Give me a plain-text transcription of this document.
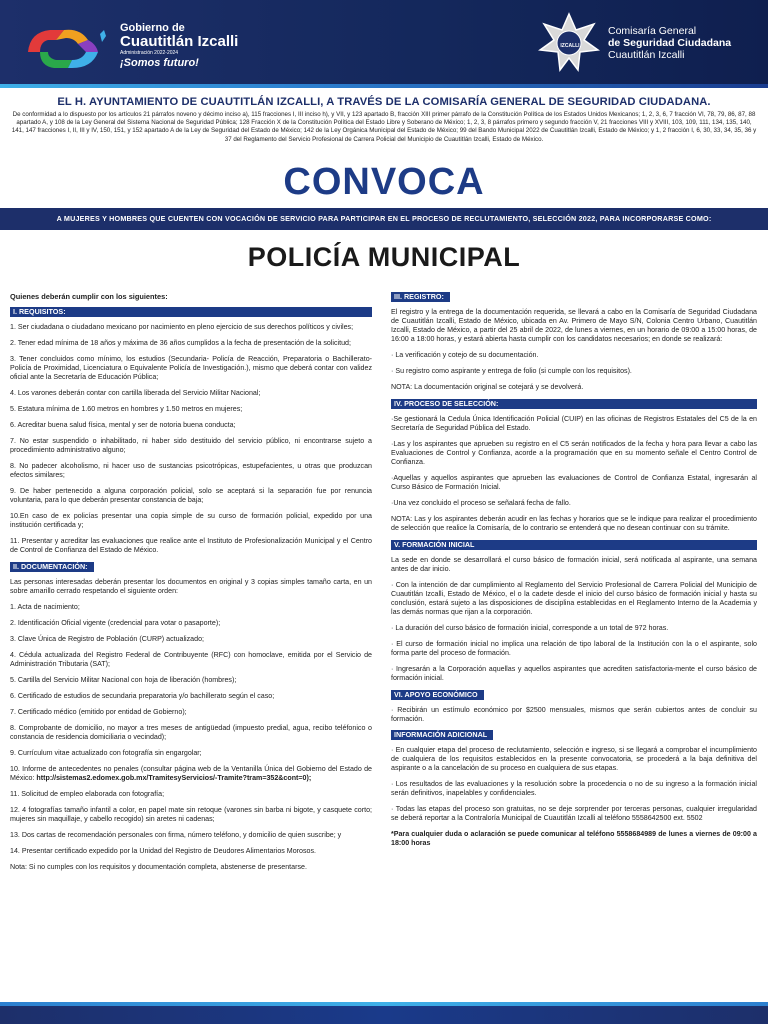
Gobierno de
Cuautitlán Izcalli
Administración 2022-2024
¡Somos futuro!
IZCALLI
Comisaría General
de Seguridad Ciudadana
Cuautitlán Izcalli
EL H. AYUNTAMIENTO DE CUAUTITLÁN IZCALLI, A TRAVÉS DE LA COMISARÍA GENERAL DE SEGURIDAD CIUDADANA.
De conformidad a lo dispuesto por los artículos 21 párrafos noveno y décimo inciso a), 115 fracciones I, III inciso h), y VII, y 123 apartado B, fracción XIII primer párrafo de la Constitución Política de los Estados Unidos Mexicanos; 1, 2, 3, 6, 7 fracción VI, 78, 79, 86, 87, 88 apartado A, y 108 de la Ley General del Sistema Nacional de Seguridad Pública; 128 Fracción X de la Constitución Política del Estado Libre y Soberano de México; 1, 2, 3, 8 párrafos primero y segundo fracción V, 21 fracciones VIII y XVIII, 103, 109, 111, 134, 135, 140, 141, 147 fracciones I, II, III y IV, 150, 151, y 152 apartado A de la Ley de Seguridad del Estado de México; 142 de la Ley Orgánica Municipal del Estado de México; 99 del Bando Municipal 2022 de Cuautitlán Izcalli, Estado de México; y 1, 2 fracción I, 6, 30, 33, 34, 35, 36 y 37 del Reglamento del Servicio Profesional de Carrera Policial del Municipio de Cuautitlán Izcalli, Estado de México.
CONVOCA
A MUJERES Y HOMBRES QUE CUENTEN CON VOCACIÓN DE SERVICIO PARA PARTICIPAR EN EL PROCESO DE RECLUTAMIENTO, SELECCIÓN 2022, PARA INCORPORARSE COMO:
POLICÍA MUNICIPAL
Quienes deberán cumplir con los siguientes:
I. REQUISITOS:
1. Ser ciudadana o ciudadano mexicano por nacimiento en pleno ejercicio de sus derechos políticos y civiles;
2. Tener edad mínima de 18 años y máxima de 36 años cumplidos a la fecha de presentación de la solicitud;
3. Tener concluidos como mínimo, los estudios (Secundaria- Policía de Reacción, Preparatoria o Bachillerato- Policía de Proximidad, Licenciatura o Equivalente Policía de Investigación.), mismo que deberá contar con validez oficial ante la Secretaría de Educación Pública;
4. Los varones deberán contar con cartilla liberada del Servicio Militar Nacional;
5. Estatura mínima de 1.60 metros en hombres y 1.50 metros en mujeres;
6. Acreditar buena salud física, mental y ser de notoria buena conducta;
7. No estar suspendido o inhabilitado, ni haber sido destituido del servicio público, ni encontrarse sujeto a procedimiento administrativo alguno;
8. No padecer alcoholismo, ni hacer uso de sustancias psicotrópicas, estupefacientes, u otras que produzcan efectos similares;
9. De haber pertenecido a alguna corporación policial, solo se aceptará si la separación fue por renuncia voluntaria, para lo que deberán presentar constancia de baja;
10.En caso de ex policías presentar una copia simple de su curso de formación policial, expedido por una institución certificada y;
11. Presentar y acreditar las evaluaciones que realice ante el Instituto de Profesionalización Municipal y el Centro de Control de Confianza del Estado de México.
II. DOCUMENTACIÓN:
Las personas interesadas deberán presentar los documentos en original y 3 copias simples tamaño carta, en un sobre amarillo cerrado respetando el siguiente orden:
1. Acta de nacimiento;
2. Identificación Oficial vigente (credencial para votar o pasaporte);
3. Clave Única de Registro de Población (CURP) actualizado;
4. Cédula actualizada del Registro Federal de Contribuyente (RFC) con homoclave, emitida por el Servicio de Administración Tributaria (SAT);
5. Cartilla del Servicio Militar Nacional con hoja de liberación (hombres);
6. Certificado de estudios de secundaria preparatoria y/o bachillerato según el caso;
7. Certificado médico (emitido por entidad de Gobierno);
8. Comprobante de domicilio, no mayor a tres meses de antigüedad (impuesto predial, agua, recibo teléfonico o constancia de residencia domiciliaria o vecindad);
9. Currículum vitae actualizado con fotografía sin engargolar;
10. Informe de antecedentes no penales (consultar página web de la Ventanilla Única del Gobierno del Estado de México: http://sistemas2.edomex.gob.mx/TramitesyServicios/-Tramite?tram=352&cont=0);
11. Solicitud de empleo elaborada con fotografía;
12. 4 fotografías tamaño infantil a color, en papel mate sin retoque (varones sin barba ni bigote, y casquete corto; mujeres sin maquillaje, y cabello recogido) sin aretes ni cadenas;
13. Dos cartas de recomendación personales con firma, número teléfono, y domicilio de quien suscribe; y
14. Presentar certificado expedido por la Unidad del Registro de Deudores Alimentarios Morosos.
Nota: Si no cumples con los requisitos y documentación completa, abstenerse de presentarse.
III. REGISTRO:
El registro y la entrega de la documentación requerida, se llevará a cabo en la Comisaría de Seguridad Ciudadana de Cuautitlán Izcalli, Estado de México, ubicada en Av. Primero de Mayo S/N, Colonia Centro Urbano, Cuautitlán Izcalli, Estado de México, a partir del 25 abril de 2022, de lunes a viernes, en un horario de 09:00 a 15:00 horas, de 16:00 a 18:00 horas, y estará abierta hasta cumplir con los candidatos necesarios; en donde se realizará:
· La verificación y cotejo de su documentación.
· Su registro como aspirante y entrega de folio (si cumple con los requisitos).
NOTA: La documentación original se cotejará y se devolverá.
IV. PROCESO DE SELECCIÓN:
·Se gestionará la Cedula Única Identificación Policial (CUIP) en las oficinas de Registros Estatales del C5 de la en Secretaría de Seguridad Pública del Estado.
·Las y los aspirantes que aprueben su registro en el C5 serán notificados de la fecha y hora para llevar a cabo las Evaluaciones de Control y Confianza, acorde a la programación que en su momento señale el Centro Control de Confianza.
·Aquellas y aquellos aspirantes que aprueben las evaluaciones de Control de Confianza Estatal, ingresarán al Curso Básico de Formación Inicial.
·Una vez concluido el proceso se señalará fecha de fallo.
NOTA: Las y los aspirantes deberán acudir en las fechas y horarios que se le indique para realizar el procedimiento de selección que realice la Comisaría, de lo contrario se entenderá que no desean continuar con su trámite.
V. FORMACIÓN INICIAL
La sede en donde se desarrollará el curso básico de formación inicial, será notificada al aspirante, una semana antes de dar inicio.
· Con la intención de dar cumplimiento al Reglamento del Servicio Profesional de Carrera Policial del Municipio de Cuautitlán Izcalli, Estado de México, el o la cadete desde el inicio del curso básico de formación inicial y hasta su conclusión, estará sujeto a las disposiciones de disciplina establecidas en el Reglamento Interno de la Academia y las demás normas que rijan a la corporación.
· La duración del curso básico de formación inicial, corresponde a un total de 972 horas.
· El curso de formación inicial no implica una relación de tipo laboral de la Institución con la o el aspirante, solo forma parte del proceso de formación.
· Ingresarán a la Corporación aquellas y aquellos aspirantes que acrediten satisfactoria-mente el curso básico de formación inicial.
VI. APOYO ECONÓMICO
· Recibirán un estímulo económico por $2500 mensuales, mismos que serán cubiertos antes de concluir su formación.
INFORMACIÓN ADICIONAL
· En cualquier etapa del proceso de reclutamiento, selección e ingreso, si se llegará a comprobar el incumplimiento de cualquiera de los requisitos establecidos en la presente convocatoria, se procederá a la baja definitiva del aspirante o a la cancelación de su proceso en cualquiera de sus etapas.
· Los resultados de las evaluaciones y la resolución sobre la procedencia o no de su ingreso a la formación inicial serán definitivos, inapelables y confidenciales.
· Todas las etapas del proceso son gratuitas, no se deje sorprender por terceras personas, cualquier irregularidad se deberá reportar a la Contraloría Municipal de Cuautitlán Izcalli al teléfono 5558642500 ext. 5502
*Para cualquier duda o aclaración se puede comunicar al teléfono 5558684989 de lunes a viernes de 09:00 a 18:00 horas
